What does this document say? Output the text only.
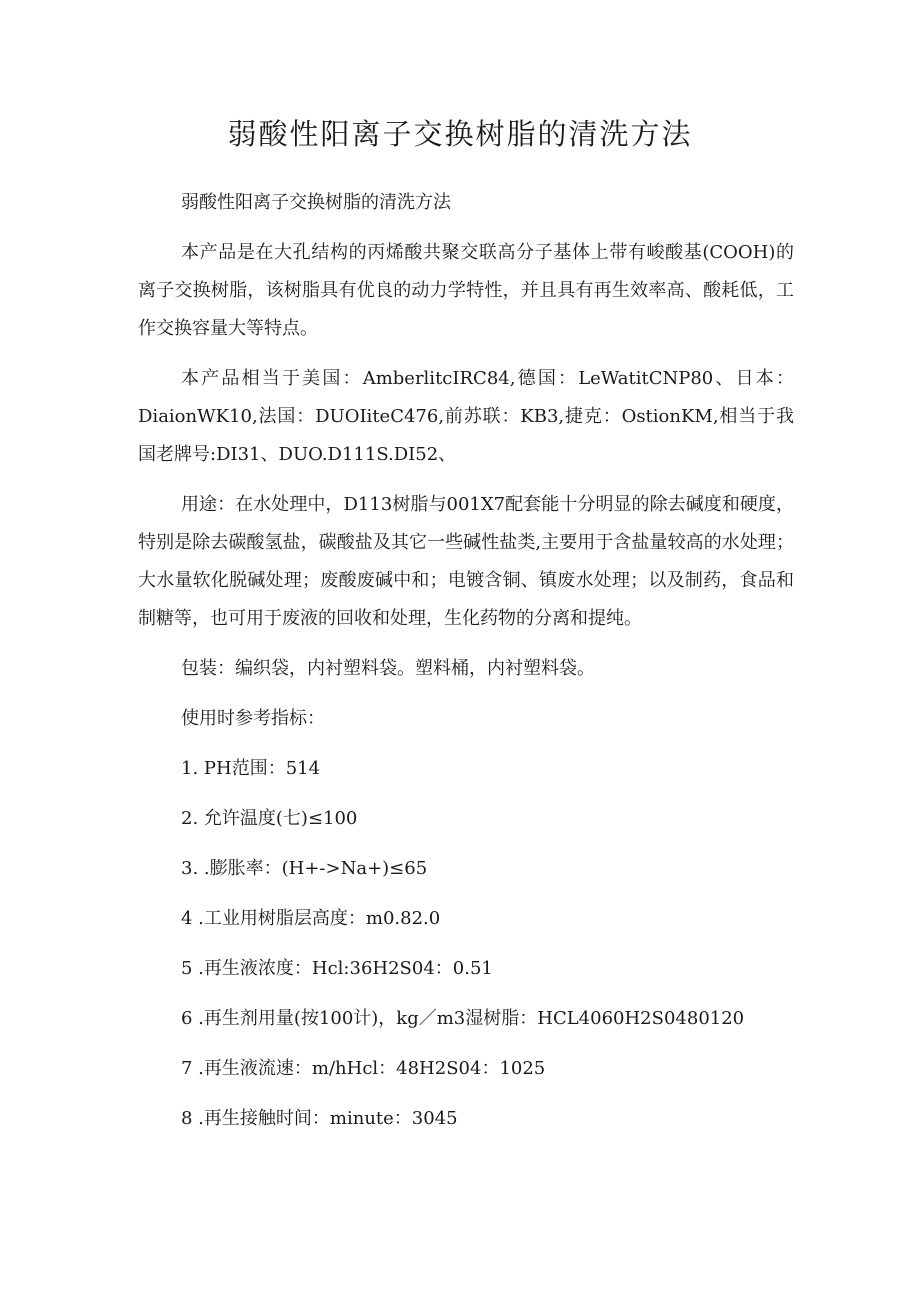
弱酸性阳离子交换树脂的清洗方法

弱酸性阳离子交换树脂的清洗方法

本产品是在大孔结构的丙烯酸共聚交联高分子基体上带有峻酸基(COOH)的离子交换树脂，该树脂具有优良的动力学特性，并且具有再生效率高、酸耗低，工作交换容量大等特点。

本产品相当于美国：AmberlitcIRC84,德国：LeWatitCNP80、日本：DiaionWK10,法国：DUOIiteC476,前苏联：KB3,捷克：OstionKM,相当于我国老牌号:DI31、DUO.D111S.DI52、

用途：在水处理中，D113树脂与001X7配套能十分明显的除去碱度和硬度，特别是除去碳酸氢盐，碳酸盐及其它一些碱性盐类,主要用于含盐量较高的水处理；大水量软化脱碱处理；废酸废碱中和；电镀含铜、镇废水处理；以及制药，食品和制糖等，也可用于废液的回收和处理，生化药物的分离和提纯。

包装：编织袋，内衬塑料袋。塑料桶，内衬塑料袋。

使用时参考指标：

1. PH范围：514
2. 允许温度(七)≤100
3. .膨胀率：(H+->Na+)≤65
4 .工业用树脂层高度：m0.82.0
5 .再生液浓度：Hcl:36H2S04：0.51
6 .再生剂用量(按100计)，kg／m3湿树脂：HCL4060H2S0480120
7 .再生液流速：m/hHcl：48H2S04：1025
8 .再生接触时间：minute：3045
